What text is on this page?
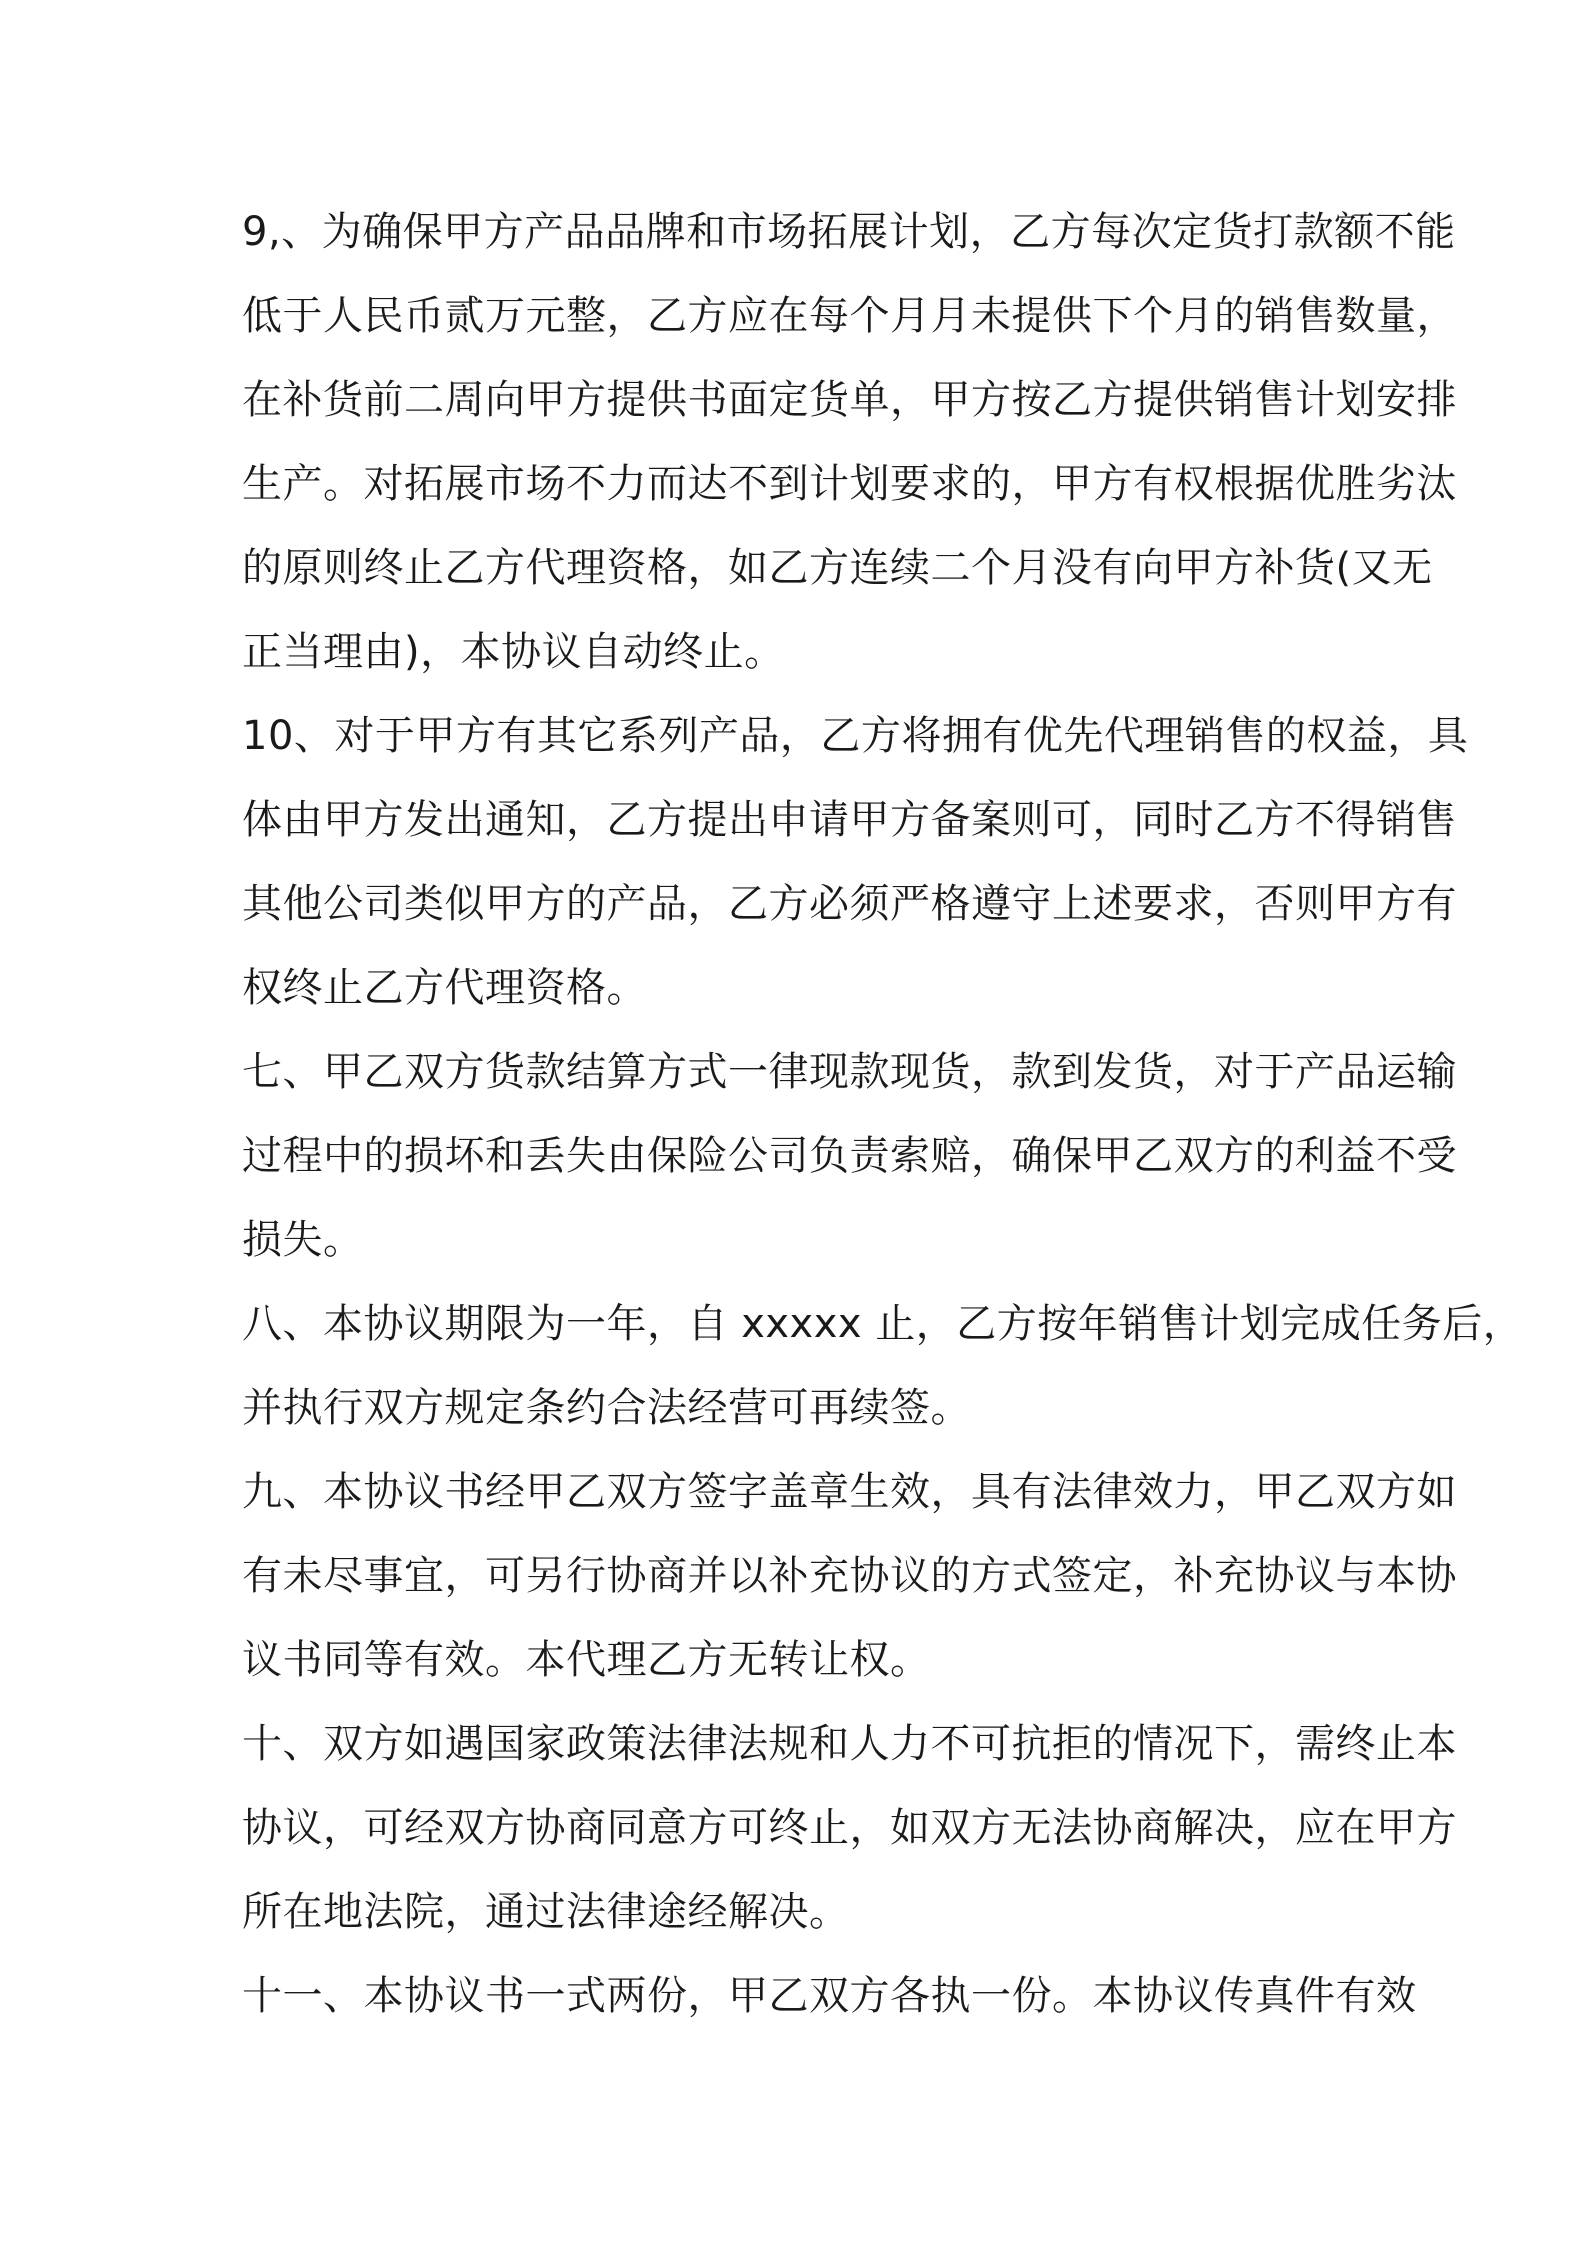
9,、为确保甲方产品品牌和市场拓展计划，乙方每次定货打款额不能
低于人民币贰万元整，乙方应在每个月月未提供下个月的销售数量，
在补货前二周向甲方提供书面定货单，甲方按乙方提供销售计划安排
生产。对拓展市场不力而达不到计划要求的，甲方有权根据优胜劣汰
的原则终止乙方代理资格，如乙方连续二个月没有向甲方补货(又无
正当理由)，本协议自动终止。
10、对于甲方有其它系列产品，乙方将拥有优先代理销售的权益，具
体由甲方发出通知，乙方提出申请甲方备案则可，同时乙方不得销售
其他公司类似甲方的产品，乙方必须严格遵守上述要求，否则甲方有
权终止乙方代理资格。
七、甲乙双方货款结算方式一律现款现货，款到发货，对于产品运输
过程中的损坏和丢失由保险公司负责索赔，确保甲乙双方的利益不受
损失。
八、本协议期限为一年，自 xxxxx 止，乙方按年销售计划完成任务后，
并执行双方规定条约合法经营可再续签。
九、本协议书经甲乙双方签字盖章生效，具有法律效力，甲乙双方如
有未尽事宜，可另行协商并以补充协议的方式签定，补充协议与本协
议书同等有效。本代理乙方无转让权。
十、双方如遇国家政策法律法规和人力不可抗拒的情况下，需终止本
协议，可经双方协商同意方可终止，如双方无法协商解决，应在甲方
所在地法院，通过法律途经解决。
十一、本协议书一式两份，甲乙双方各执一份。本协议传真件有效
